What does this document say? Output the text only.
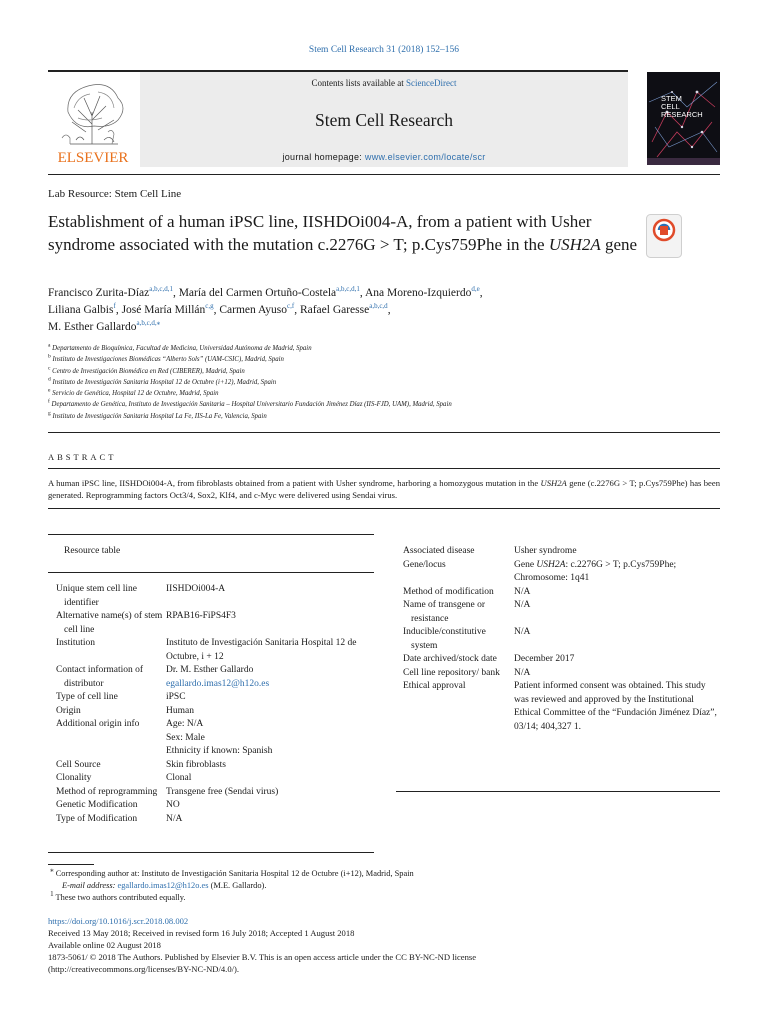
Stem Cell Research 31 (2018) 152–156
ELSEVIER
Contents lists available at ScienceDirect
Stem Cell Research
journal homepage: www.elsevier.com/locate/scr
STEM
CELL
RESEARCH
Lab Resource: Stem Cell Line
Establishment of a human iPSC line, IISHDOi004-A, from a patient with Usher syndrome associated with the mutation c.2276G > T; p.Cys759Phe in the USH2A gene
Francisco Zurita-Díaz$^{a,b,c,d,1}$, María del Carmen Ortuño-Costela$^{a,b,c,d,1}$, Ana Moreno-Izquierdo$^{d,e}$,
Liliana Galbis$^f$, José María Millán$^{c,g}$, Carmen Ayuso$^{c,f}$, Rafael Garesse$^{a,b,c,d}$,
M. Esther Gallardo$^{a,b,c,d,⁎}$
$^a$ Departamento de Bioquímica, Facultad de Medicina, Universidad Autónoma de Madrid, Spain
$^b$ Instituto de Investigaciones Biomédicas “Alberto Sols” (UAM-CSIC), Madrid, Spain
$^c$ Centro de Investigación Biomédica en Red (CIBERER), Madrid, Spain
$^d$ Instituto de Investigación Sanitaria Hospital 12 de Octubre (i+12), Madrid, Spain
$^e$ Servicio de Genética, Hospital 12 de Octubre, Madrid, Spain
$^f$ Departamento de Genética, Instituto de Investigación Sanitaria – Hospital Universitario Fundación Jiménez Díaz (IIS-FJD, UAM), Madrid, Spain
$^g$ Instituto de Investigación Sanitaria Hospital La Fe, IIS-La Fe, Valencia, Spain
ABSTRACT
A human iPSC line, IISHDOi004-A, from fibroblasts obtained from a patient with Usher syndrome, harboring a homozygous mutation in the USH2A gene (c.2276G > T; p.Cys759Phe) has been generated. Reprogramming factors Oct3/4, Sox2, Klf4, and c-Myc were delivered using Sendai virus.
Resource table
Unique stem cell line identifier	IISHDOi004-A

Alternative name(s) of stem cell line	RPAB16-FiPS4F3

Institution	Instituto de Investigación Sanitaria Hospital 12 de Octubre, i + 12

Contact information of distributor	Dr. M. Esther Gallardo
egallardo.imas12@h12o.es

Type of cell line	iPSC

Origin	Human

Additional origin info	Age: N/A
Sex: Male
Ethnicity if known: Spanish

Cell Source	Skin fibroblasts

Clonality	Clonal

Method of reprogramming	Transgene free (Sendai virus)

Genetic Modification	NO

Type of Modification	N/A
Associated disease	Usher syndrome

Gene/locus	Gene USH2A: c.2276G > T; p.Cys759Phe; Chromosome: 1q41
Method of modification	N/A

Name of transgene or resistance	N/A

Inducible/constitutive system	N/A

Date archived/stock date	December 2017

Cell line repository/ bank	N/A

Ethical approval	Patient informed consent was obtained. This study was reviewed and approved by the Institutional Ethical Committee of the “Fundación Jiménez Díaz”, 03/14; 404,327 1.
⁎ Corresponding author at: Instituto de Investigación Sanitaria Hospital 12 de Octubre (i+12), Madrid, Spain
E-mail address: egallardo.imas12@h12o.es (M.E. Gallardo).
$^1$ These two authors contributed equally.
https://doi.org/10.1016/j.scr.2018.08.002
Received 13 May 2018; Received in revised form 16 July 2018; Accepted 1 August 2018
Available online 02 August 2018
1873-5061/ © 2018 The Authors. Published by Elsevier B.V. This is an open access article under the CC BY-NC-ND license
(http://creativecommons.org/licenses/BY-NC-ND/4.0/).
